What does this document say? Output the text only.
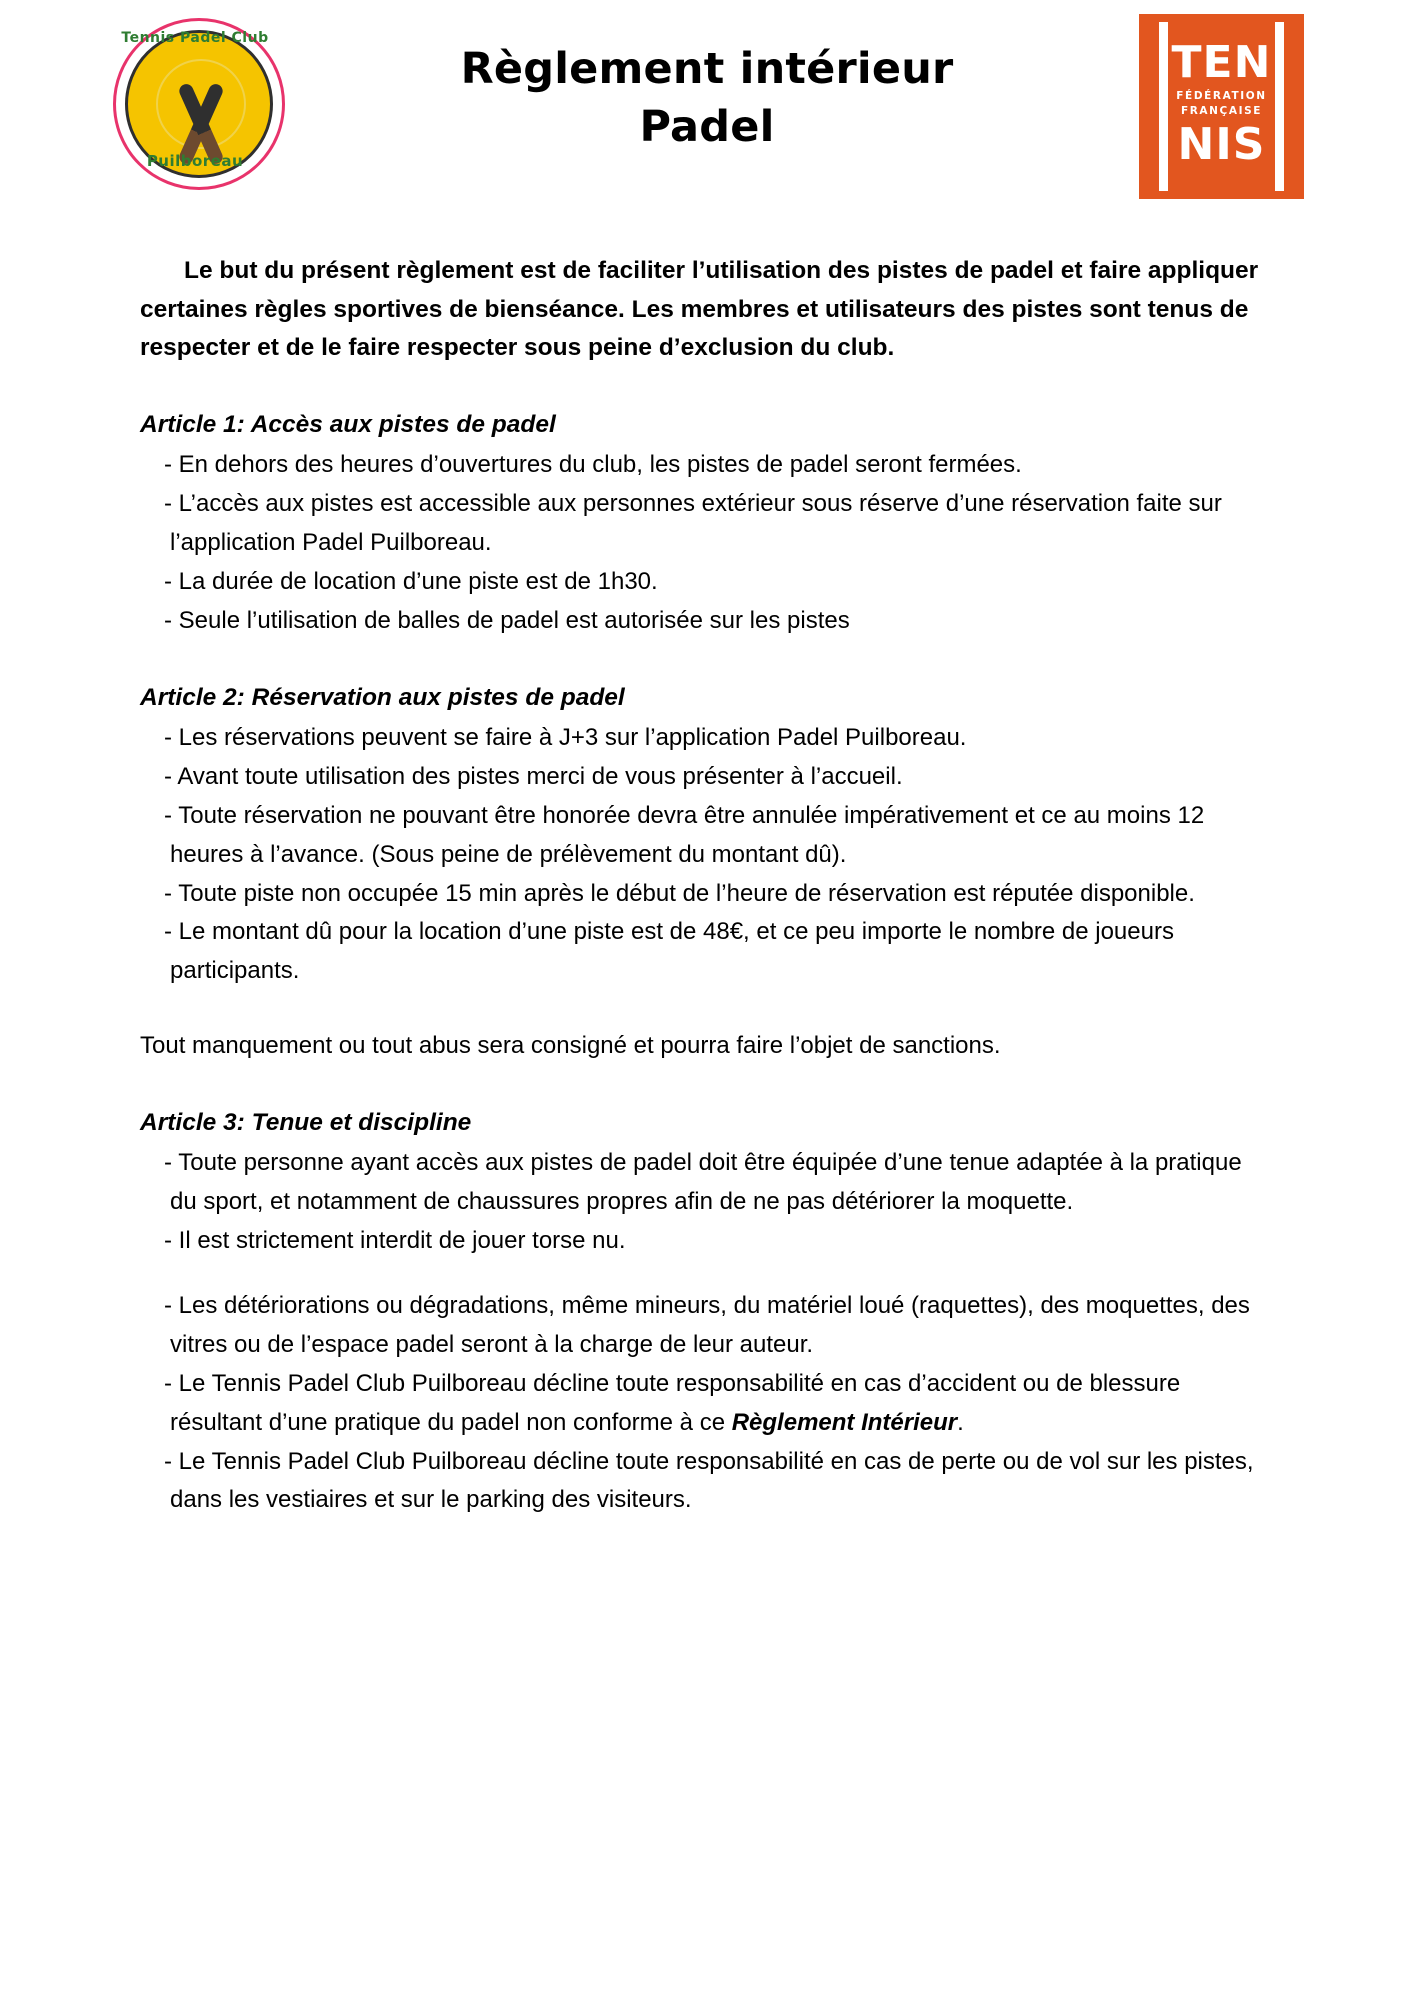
Tennis Padel Club
Puilboreau
Règlement intérieur
Padel
TEN
FÉDÉRATION
FRANÇAISE
NIS

Le but du présent règlement est de faciliter l’utilisation des pistes de padel et faire appliquer certaines règles sportives de bienséance. Les membres et utilisateurs des pistes sont tenus de respecter et de le faire respecter sous peine d’exclusion du club.

Article 1: Accès aux pistes de padel
- En dehors des heures d’ouvertures du club, les pistes de padel seront fermées.
- L’accès aux pistes est accessible aux personnes extérieur sous réserve d’une réservation faite sur l’application Padel Puilboreau.
- La durée de location d’une piste est de 1h30.
- Seule l’utilisation de balles de padel est autorisée sur les pistes
Article 2: Réservation aux pistes de padel
- Les réservations peuvent se faire à J+3 sur l’application Padel Puilboreau.
- Avant toute utilisation des pistes merci de vous présenter à l’accueil.
- Toute réservation ne pouvant être honorée devra être annulée impérativement et ce au moins 12 heures à l’avance. (Sous peine de prélèvement du montant dû).
- Toute piste non occupée 15 min après le début de l’heure de réservation est réputée disponible.
- Le montant dû pour la location d’une piste est de 48€, et ce peu importe le nombre de joueurs participants.

Tout manquement ou tout abus sera consigné et pourra faire l’objet de sanctions.

Article 3: Tenue et discipline
- Toute personne ayant accès aux pistes de padel doit être équipée d’une tenue adaptée à la pratique du sport, et notamment de chaussures propres afin de ne pas détériorer la moquette.
- Il est strictement interdit de jouer torse nu.
- Les détériorations ou dégradations, même mineurs, du matériel loué (raquettes), des moquettes, des vitres ou de l’espace padel seront à la charge de leur auteur.
- Le Tennis Padel Club Puilboreau décline toute responsabilité en cas d’accident ou de blessure résultant d’une pratique du padel non conforme à ce Règlement Intérieur.
- Le Tennis Padel Club Puilboreau décline toute responsabilité en cas de perte ou de vol sur les pistes, dans les vestiaires et sur le parking des visiteurs.
